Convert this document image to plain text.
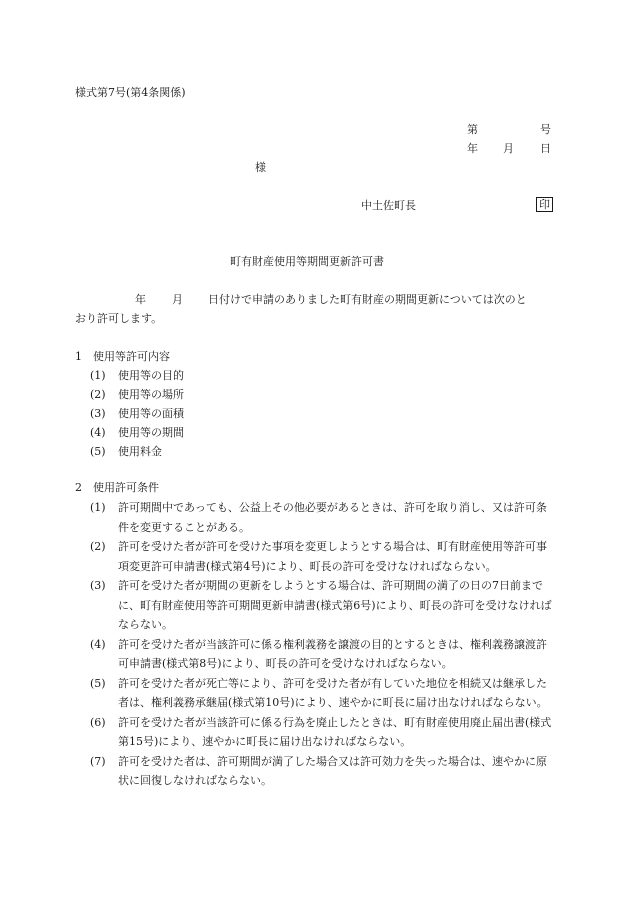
様式第7号(第4条関係)
第	号
年 月 日
様
中土佐町長	印
町有財産使用等期間更新許可書
年 月 日付けで申請のありました町有財産の期間更新については次のと
おり許可します。
1　使用等許可内容
(1)	使用等の目的
(2)	使用等の場所
(3)	使用等の面積
(4)	使用等の期間
(5)	使用料金
2　使用許可条件
(1)	許可期間中であっても、公益上その他必要があるときは、許可を取り消し、又は許可条件を変更することがある。
(2)	許可を受けた者が許可を受けた事項を変更しようとする場合は、町有財産使用等許可事項変更許可申請書(様式第4号)により、町長の許可を受けなければならない。
(3)	許可を受けた者が期間の更新をしようとする場合は、許可期間の満了の日の7日前までに、町有財産使用等許可期間更新申請書(様式第6号)により、町長の許可を受けなければならない。
(4)	許可を受けた者が当該許可に係る権利義務を譲渡の目的とするときは、権利義務譲渡許可申請書(様式第8号)により、町長の許可を受けなければならない。
(5)	許可を受けた者が死亡等により、許可を受けた者が有していた地位を相続又は継承した者は、権利義務承継届(様式第10号)により、速やかに町長に届け出なければならない。
(6)	許可を受けた者が当該許可に係る行為を廃止したときは、町有財産使用廃止届出書(様式第15号)により、速やかに町長に届け出なければならない。
(7)	許可を受けた者は、許可期間が満了した場合又は許可効力を失った場合は、速やかに原状に回復しなければならない。
